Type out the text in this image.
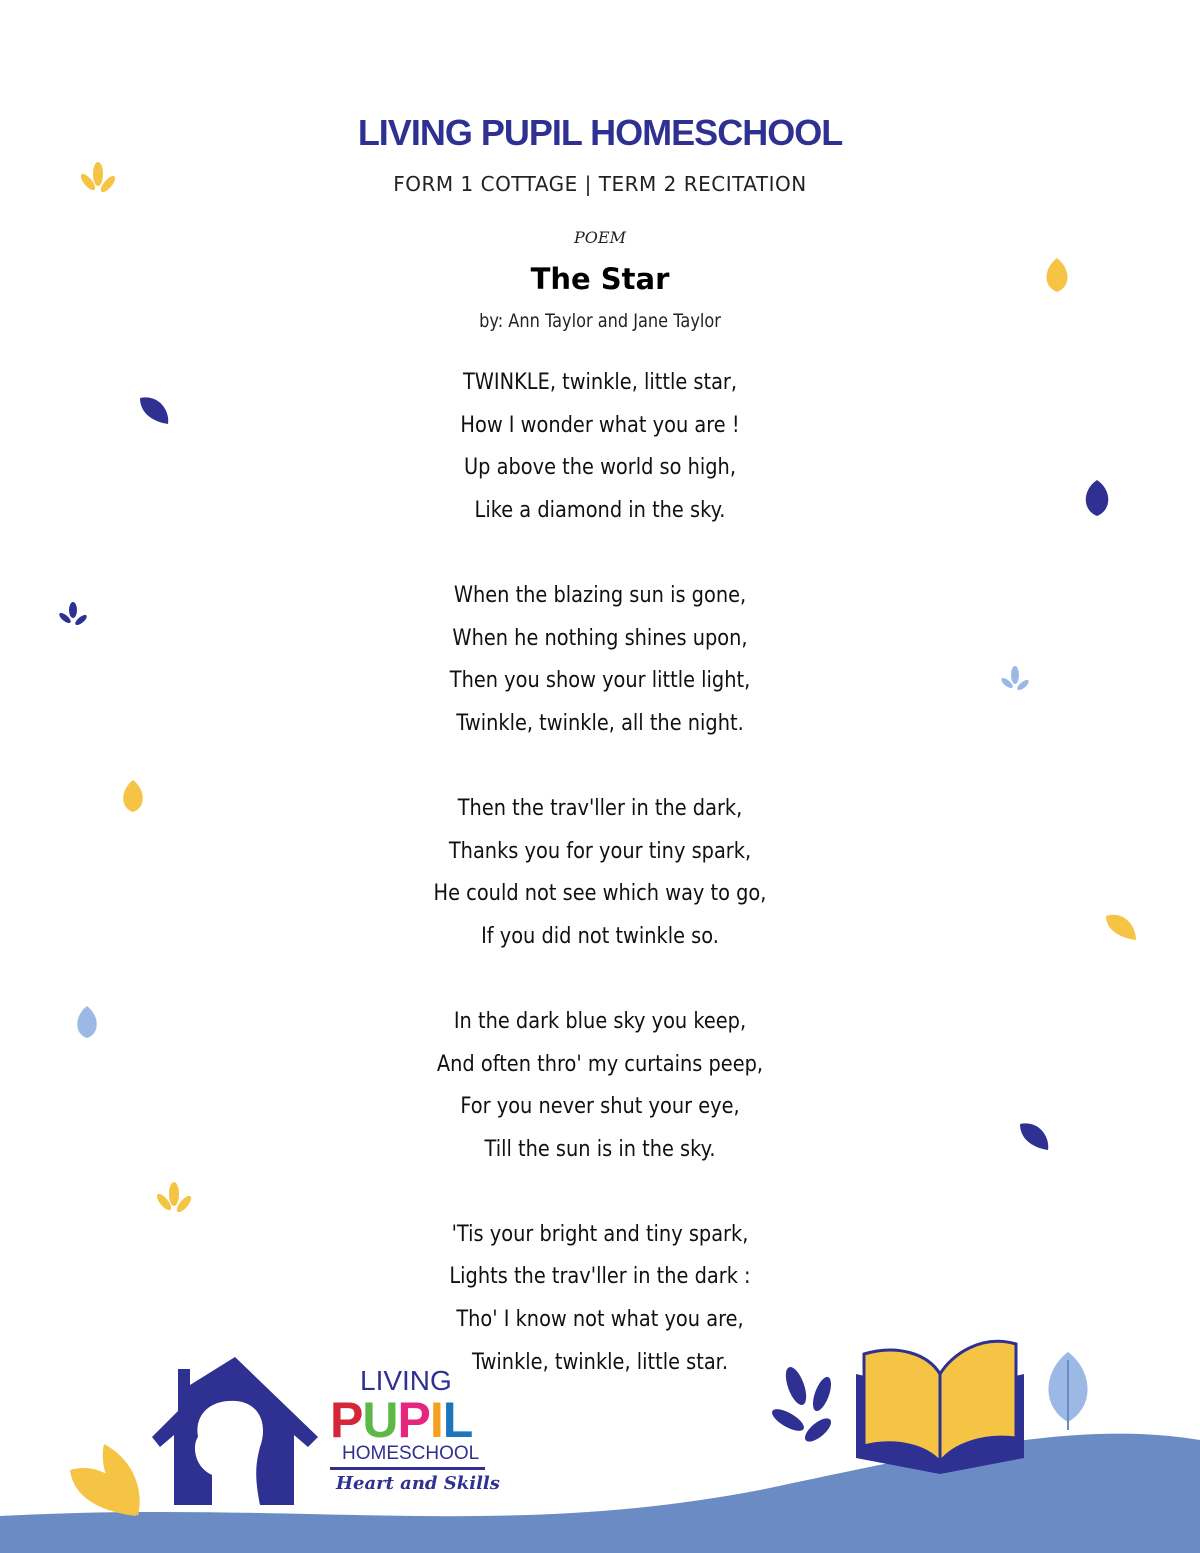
LIVING PUPIL HOMESCHOOL
FORM 1 COTTAGE | TERM 2 RECITATION
POEM
The Star
by: Ann Taylor and Jane Taylor
TWINKLE, twinkle, little star,
How I wonder what you are !
Up above the world so high,
Like a diamond in the sky.
When the blazing sun is gone,
When he nothing shines upon,
Then you show your little light,
Twinkle, twinkle, all the night.
Then the trav'ller in the dark,
Thanks you for your tiny spark,
He could not see which way to go,
If you did not twinkle so.
In the dark blue sky you keep,
And often thro' my curtains peep,
For you never shut your eye,
Till the sun is in the sky.
'Tis your bright and tiny spark,
Lights the trav'ller in the dark :
Tho' I know not what you are,
Twinkle, twinkle, little star.
LIVING
PUPIL
HOMESCHOOL
Heart and Skills
